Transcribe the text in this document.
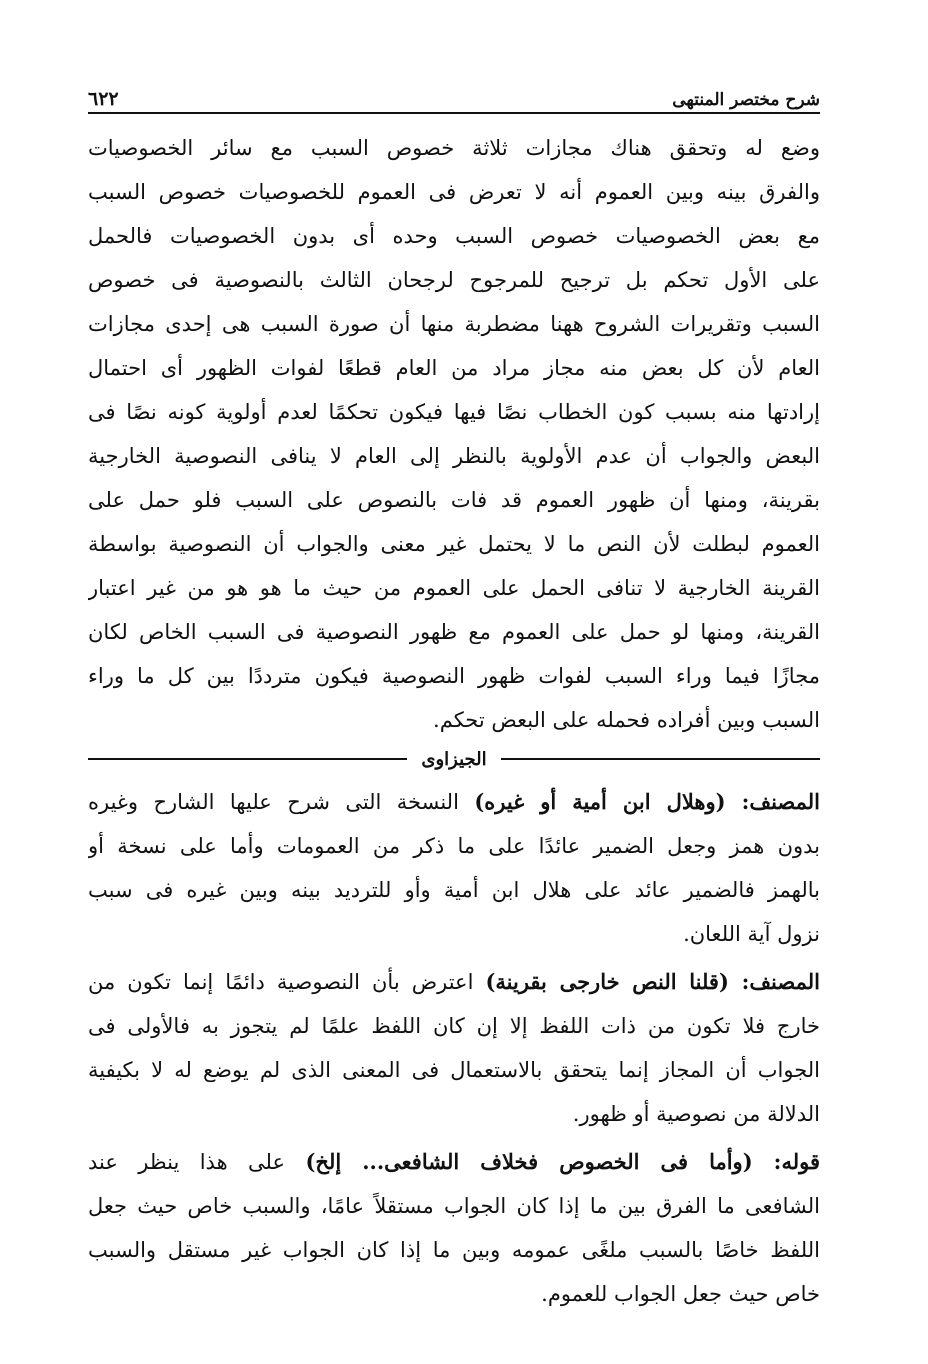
شرح مختصر المنتهى
٦٢٢
وضع له وتحقق هناك مجازات ثلاثة خصوص السبب مع سائر الخصوصيات
والفرق بينه وبين العموم أنه لا تعرض فى العموم للخصوصيات خصوص السبب
مع بعض الخصوصيات خصوص السبب وحده أى بدون الخصوصيات فالحمل
على الأول تحكم بل ترجيح للمرجوح لرجحان الثالث بالنصوصية فى خصوص
السبب وتقريرات الشروح ههنا مضطربة منها أن صورة السبب هى إحدى مجازات
العام لأن كل بعض منه مجاز مراد من العام قطعًا لفوات الظهور أى احتمال
إرادتها منه بسبب كون الخطاب نصًا فيها فيكون تحكمًا لعدم أولوية كونه نصًا فى
البعض والجواب أن عدم الأولوية بالنظر إلى العام لا ينافى النصوصية الخارجية
بقرينة، ومنها أن ظهور العموم قد فات بالنصوص على السبب فلو حمل على
العموم لبطلت لأن النص ما لا يحتمل غير معنى والجواب أن النصوصية بواسطة
القرينة الخارجية لا تنافى الحمل على العموم من حيث ما هو هو من غير اعتبار
القرينة، ومنها لو حمل على العموم مع ظهور النصوصية فى السبب الخاص لكان
مجازًا فيما وراء السبب لفوات ظهور النصوصية فيكون مترددًا بين كل ما وراء
السبب وبين أفراده فحمله على البعض تحكم.
الجيزاوى
المصنف: (وهلال ابن أمية أو غيره) النسخة التى شرح عليها الشارح وغيره
بدون همز وجعل الضمير عائدًا على ما ذكر من العمومات وأما على نسخة أو
بالهمز فالضمير عائد على هلال ابن أمية وأو للترديد بينه وبين غيره فى سبب
نزول آية اللعان.
المصنف: (قلنا النص خارجى بقرينة) اعترض بأن النصوصية دائمًا إنما تكون من
خارج فلا تكون من ذات اللفظ إلا إن كان اللفظ علمًا لم يتجوز به فالأولى فى
الجواب أن المجاز إنما يتحقق بالاستعمال فى المعنى الذى لم يوضع له لا بكيفية
الدلالة من نصوصية أو ظهور.
قوله: (وأما فى الخصوص فخلاف الشافعى... إلخ) على هذا ينظر عند
الشافعى ما الفرق بين ما إذا كان الجواب مستقلاً عامًا، والسبب خاص حيث جعل
اللفظ خاصًا بالسبب ملغًى عمومه وبين ما إذا كان الجواب غير مستقل والسبب
خاص حيث جعل الجواب للعموم.
